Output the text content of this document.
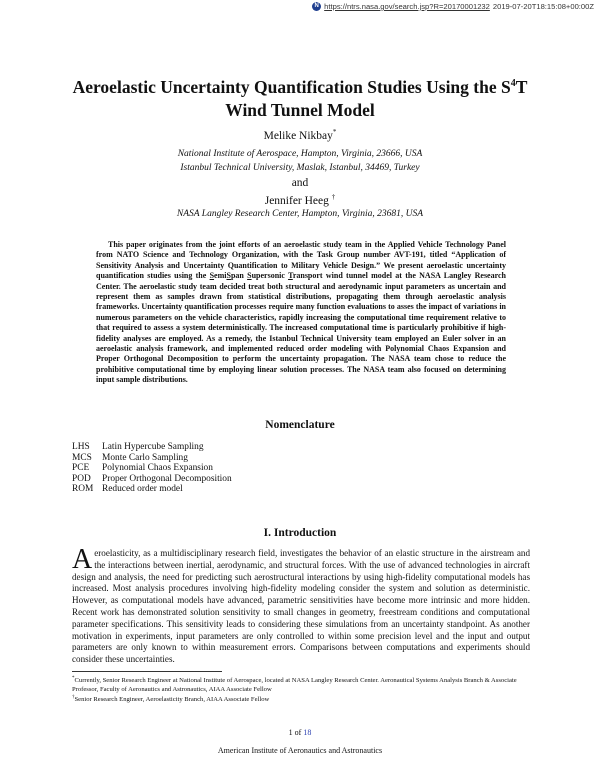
N https://ntrs.nasa.gov/search.jsp?R=20170001232 2019-07-20T18:15:08+00:00Z
Aeroelastic Uncertainty Quantification Studies Using the $S^4T$
Wind Tunnel Model
Melike Nikbay*
National Institute of Aerospace, Hampton, Virginia, 23666, USA
Istanbul Technical University, Maslak, Istanbul, 34469, Turkey
and
Jennifer Heeg †
NASA Langley Research Center, Hampton, Virginia, 23681, USA
This paper originates from the joint efforts of an aeroelastic study team in the Applied Vehicle Technology Panel from NATO Science and Technology Organization, with the Task Group number AVT-191, titled “Application of Sensitivity Analysis and Uncertainty Quantification to Military Vehicle Design.” We present aeroelastic uncertainty quantification studies using the SemiSpan Supersonic Transport wind tunnel model at the NASA Langley Research Center. The aeroelastic study team decided treat both structural and aerodynamic input parameters as uncertain and represent them as samples drawn from statistical distributions, propagating them through aeroelastic analysis frameworks. Uncertainty quantification processes require many function evaluations to asses the impact of variations in numerous parameters on the vehicle characteristics, rapidly increasing the computational time requirement relative to that required to assess a system deterministically. The increased computational time is particularly prohibitive if high-fidelity analyses are employed. As a remedy, the Istanbul Technical University team employed an Euler solver in an aeroelastic analysis framework, and implemented reduced order modeling with Polynomial Chaos Expansion and Proper Orthogonal Decomposition to perform the uncertainty propagation. The NASA team chose to reduce the prohibitive computational time by employing linear solution processes. The NASA team also focused on determining input sample distributions.
Nomenclature
LHS	Latin Hypercube Sampling
MCS	Monte Carlo Sampling
PCE	Polynomial Chaos Expansion
POD	Proper Orthogonal Decomposition
ROM Reduced order model
I. Introduction
Aeroelasticity, as a multidisciplinary research field, investigates the behavior of an elastic structure in the airstream and the interactions between inertial, aerodynamic, and structural forces. With the use of advanced technologies in aircraft design and analysis, the need for predicting such aerostructural interactions by using high-fidelity computational models has increased. Most analysis procedures involving high-fidelity modeling consider the system and solution as deterministic. However, as computational models have advanced, parametric sensitivities have become more intrinsic and more hidden. Recent work has demonstrated solution sensitivity to small changes in geometry, freestream conditions and computational parameter specifications. This sensitivity leads to considering these simulations from an uncertainty standpoint. As another motivation in experiments, input parameters are only controlled to within some precision level and the input and output parameters are only known to within measurement errors. Comparisons between computations and experiments should consider these uncertainties.
*Currently, Senior Research Engineer at National Institute of Aerospace, located at NASA Langley Research Center. Aeronautical Systems Analysis Branch & Associate Professor, Faculty of Aeronautics and Astronautics, AIAA Associate Fellow
†Senior Research Engineer, Aeroelasticity Branch, AIAA Associate Fellow
1 of 18
American Institute of Aeronautics and Astronautics
